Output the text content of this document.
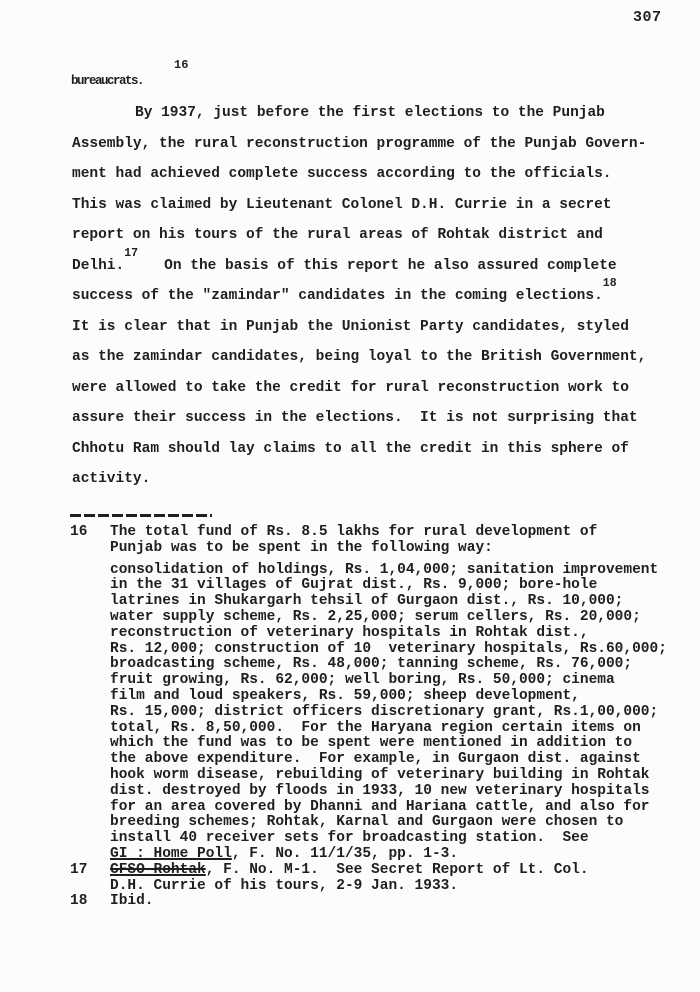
307
16
bureaucrats.
By 1937, just before the first elections to the Punjab
Assembly, the rural reconstruction programme of the Punjab Govern-
ment had achieved complete success according to the officials.
This was claimed by Lieutenant Colonel D.H. Currie in a secret
report on his tours of the rural areas of Rohtak district and
Delhi.$^{17}$   On the basis of this report he also assured complete
success of the "zamindar" candidates in the coming elections.$^{18}$
It is clear that in Punjab the Unionist Party candidates, styled
as the zamindar candidates, being loyal to the British Government,
were allowed to take the credit for rural reconstruction work to
assure their success in the elections.  It is not surprising that
Chhotu Ram should lay claims to all the credit in this sphere of
activity.
16	The total fund of Rs. 8.5 lakhs for rural development of
Punjab was to be spent in the following way:
consolidation of holdings, Rs. 1,04,000; sanitation improvement
in the 31 villages of Gujrat dist., Rs. 9,000; bore-hole
latrines in Shukargarh tehsil of Gurgaon dist., Rs. 10,000;
water supply scheme, Rs. 2,25,000; serum cellers, Rs. 20,000;
reconstruction of veterinary hospitals in Rohtak dist.,
Rs. 12,000; construction of 10  veterinary hospitals, Rs.60,000;
broadcasting scheme, Rs. 48,000; tanning scheme, Rs. 76,000;
fruit growing, Rs. 62,000; well boring, Rs. 50,000; cinema
film and loud speakers, Rs. 59,000; sheep development,
Rs. 15,000; district officers discretionary grant, Rs.1,00,000;
total, Rs. 8,50,000.  For the Haryana region certain items on
which the fund was to be spent were mentioned in addition to
the above expenditure.  For example, in Gurgaon dist. against
hook worm disease, rebuilding of veterinary building in Rohtak
dist. destroyed by floods in 1933, 10 new veterinary hospitals
for an area covered by Dhanni and Hariana cattle, and also for
breeding schemes; Rohtak, Karnal and Gurgaon were chosen to
install 40 receiver sets for broadcasting station.  See
GI : Home Poll, F. No. 11/1/35, pp. 1-3.
17	CFSO Rohtak, F. No. M-1.  See Secret Report of Lt. Col.
D.H. Currie of his tours, 2-9 Jan. 1933.
18	Ibid.
